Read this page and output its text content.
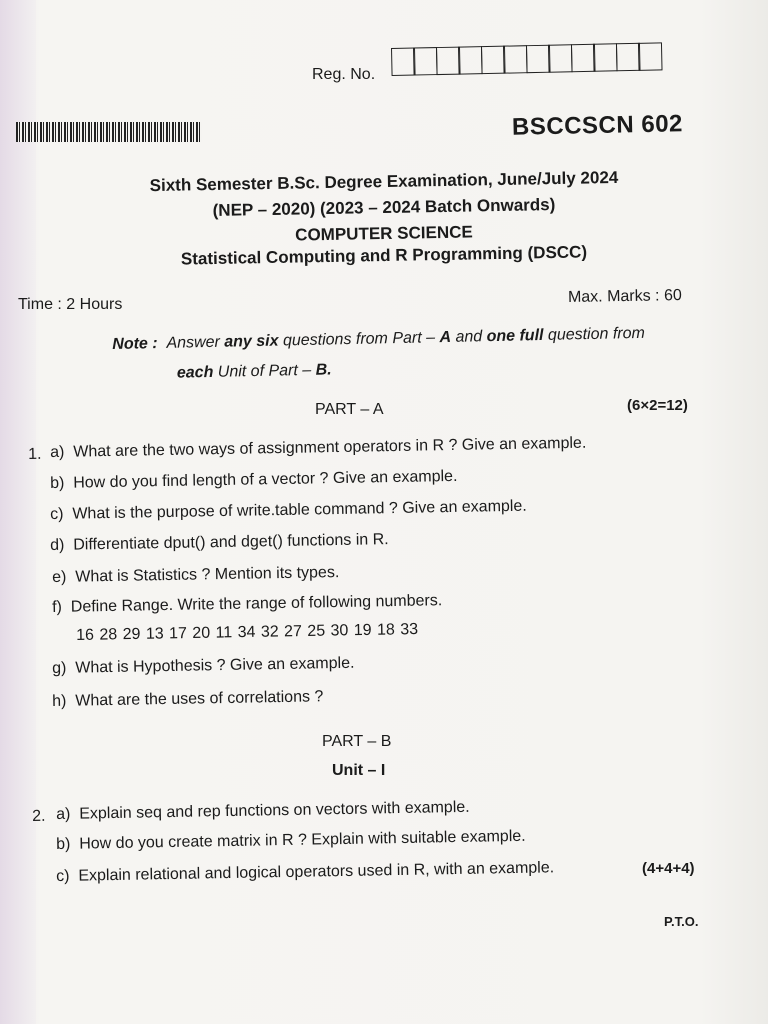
Reg. No.
BSCCSCN 602
Sixth Semester B.Sc. Degree Examination, June/July 2024
(NEP – 2020) (2023 – 2024 Batch Onwards)
COMPUTER SCIENCE
Statistical Computing and R Programming (DSCC)
Time : 2 Hours	Max. Marks : 60
Note : Answer any six questions from Part – A and one full question from
each Unit of Part – B.
PART – A	(6×2=12)
1. a) What are the two ways of assignment operators in R ? Give an example.
b) How do you find length of a vector ? Give an example.
c) What is the purpose of write.table command ? Give an example.
d) Differentiate dput() and dget() functions in R.
e) What is Statistics ? Mention its types.
f) Define Range. Write the range of following numbers.
16 28 29 13 17 20 11 34 32 27 25 30 19 18 33
g) What is Hypothesis ? Give an example.
h) What are the uses of correlations ?
PART – B
Unit – I
2. a) Explain seq and rep functions on vectors with example.
b) How do you create matrix in R ? Explain with suitable example.
c) Explain relational and logical operators used in R, with an example.	(4+4+4)
P.T.O.
